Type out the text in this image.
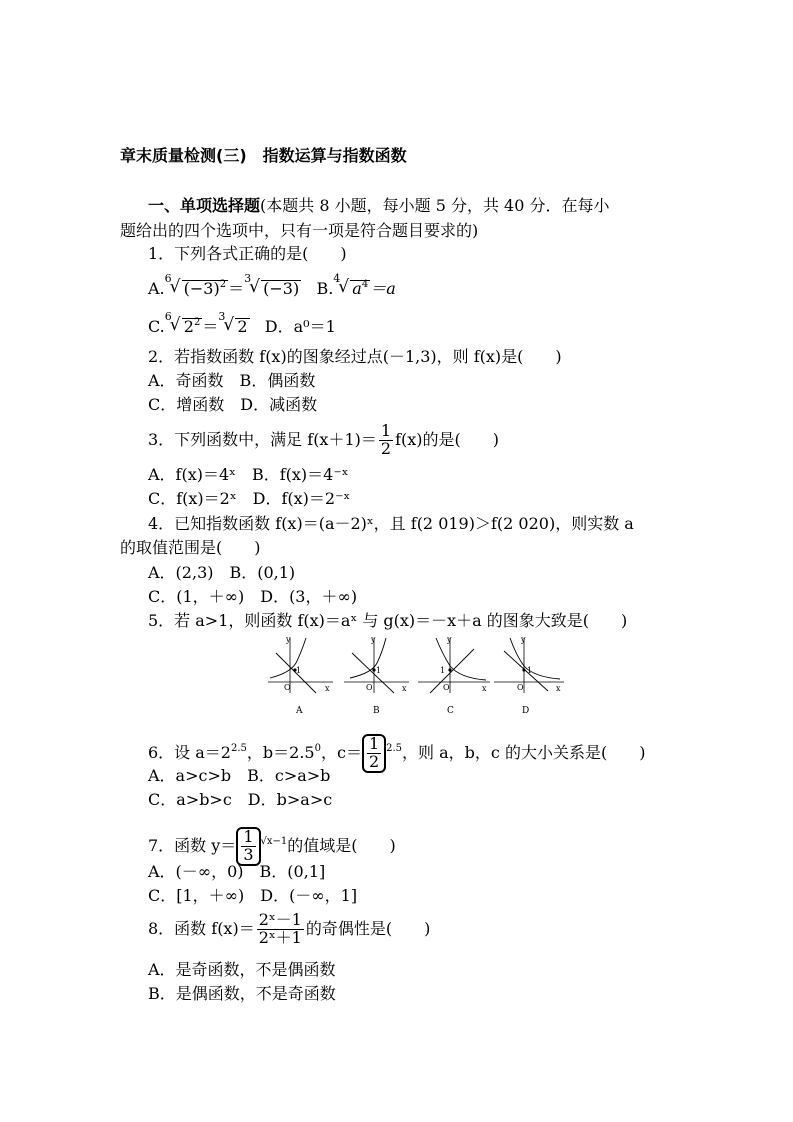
章末质量检测(三)　指数运算与指数函数
一、单项选择题(本题共 8 小题，每小题 5 分，共 40 分．在每小
题给出的四个选项中，只有一项是符合题目要求的)
1．下列各式正确的是(　　)
A.$^6$√ $(-3)^2 =^3√$ (−3) B.$^4$√ $a^4 =a$
C.$^6$√ $2^2 =^3√$ 2 D．a⁰＝1
2．若指数函数 f(x)的图象经过点(－1,3)，则 f(x)是(　　)
A．奇函数　B．偶函数
C．增函数　D．减函数
3．下列函数中，满足 $f(x+1)= \frac{1}{2} f(x)$的是(　　)
A．f(x)＝4ˣ　B．f(x)＝4⁻ˣ
C．f(x)＝2ˣ　D．f(x)＝2⁻ˣ
4．已知指数函数 f(x)＝(a－2)ˣ，且 f(2 019)＞f(2 020)，则实数 a
的取值范围是(　　)
A．(2,3)　B．(0,1)
C．(1，＋∞)　D．(3，＋∞)
5．若 a>1，则函数 f(x)＝aˣ 与 g(x)＝－x＋a 的图象大致是(　　)
y
x
O
1
A
y
x
O
1
B
y
x
O
1
C
y
x
O
1
D
6．设 $a=2^{2.5}$，$b=2.5^0$，$c= \frac{1}{2} ^{2.5}$，则 a，b，c 的大小关系是(　　)
A．a>c>b　B．c>a>b
C．a>b>c　D．b>a>c
7．函数 $y= \frac{1}{3} ^{√x-1}$的值域是(　　)
A．(－∞，0)　B．(0,1]
C．[1，＋∞)　D．(－∞，1]
8．函数 $f(x)= \frac{\text{2ˣ－1}}{\text{2ˣ＋1}}$ 的奇偶性是(　　)
A．是奇函数，不是偶函数
B．是偶函数，不是奇函数
